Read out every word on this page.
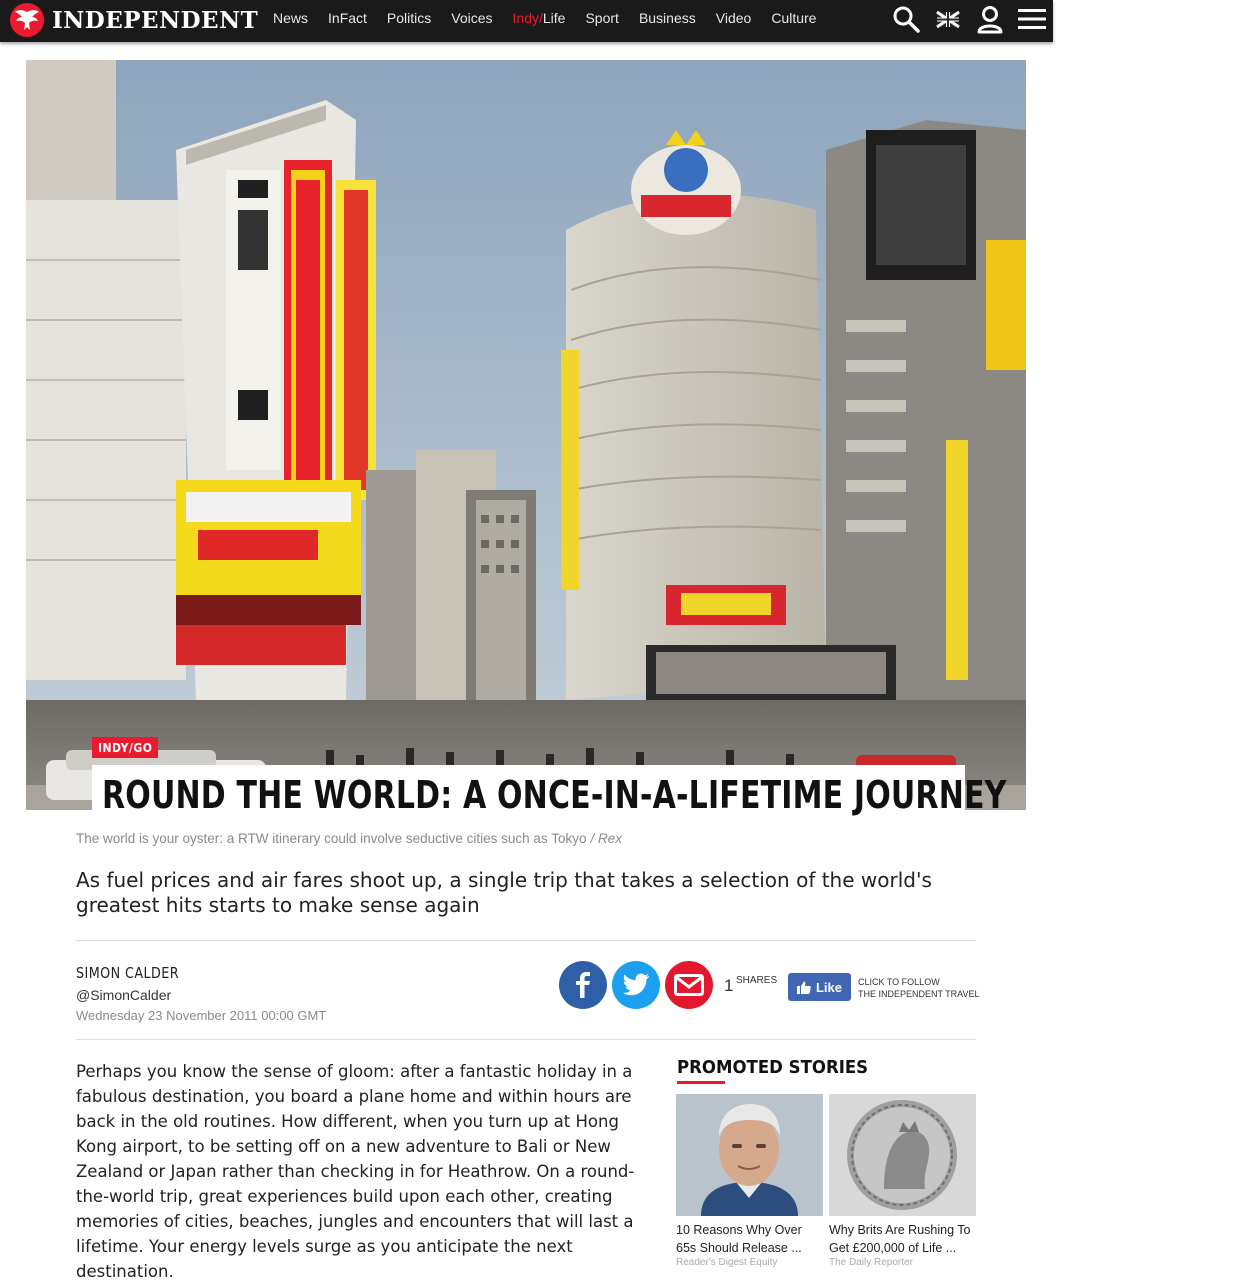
INDEPENDENT	News	InFact	Politics	Voices	Indy/Life	Sport	Business	Video	Culture
INDY/GO
ROUND THE WORLD: A ONCE-IN-A-LIFETIME JOURNEY
The world is your oyster: a RTW itinerary could involve seductive cities such as Tokyo / Rex

As fuel prices and air fares shoot up, a single trip that takes a selection of the world's greatest hits starts to make sense again

SIMON CALDER
@SimonCalder
Wednesday 23 November 2011 00:00 GMT
1 SHARES	Like CLICK TO FOLLOW
THE INDEPENDENT TRAVEL

Perhaps you know the sense of gloom: after a fantastic holiday in a fabulous destination, you board a plane home and within hours are back in the old routines. How different, when you turn up at Hong Kong airport, to be setting off on a new adventure to Bali or New Zealand or Japan rather than checking in for Heathrow. On a round-the-world trip, great experiences build upon each other, creating memories of cities, beaches, jungles and encounters that will last a lifetime. Your energy levels surge as you anticipate the next destination.

PROMOTED STORIES
10 Reasons Why Over
65s Should Release ...
Reader's Digest Equity
Why Brits Are Rushing To
Get £200,000 of Life ...
The Daily Reporter
